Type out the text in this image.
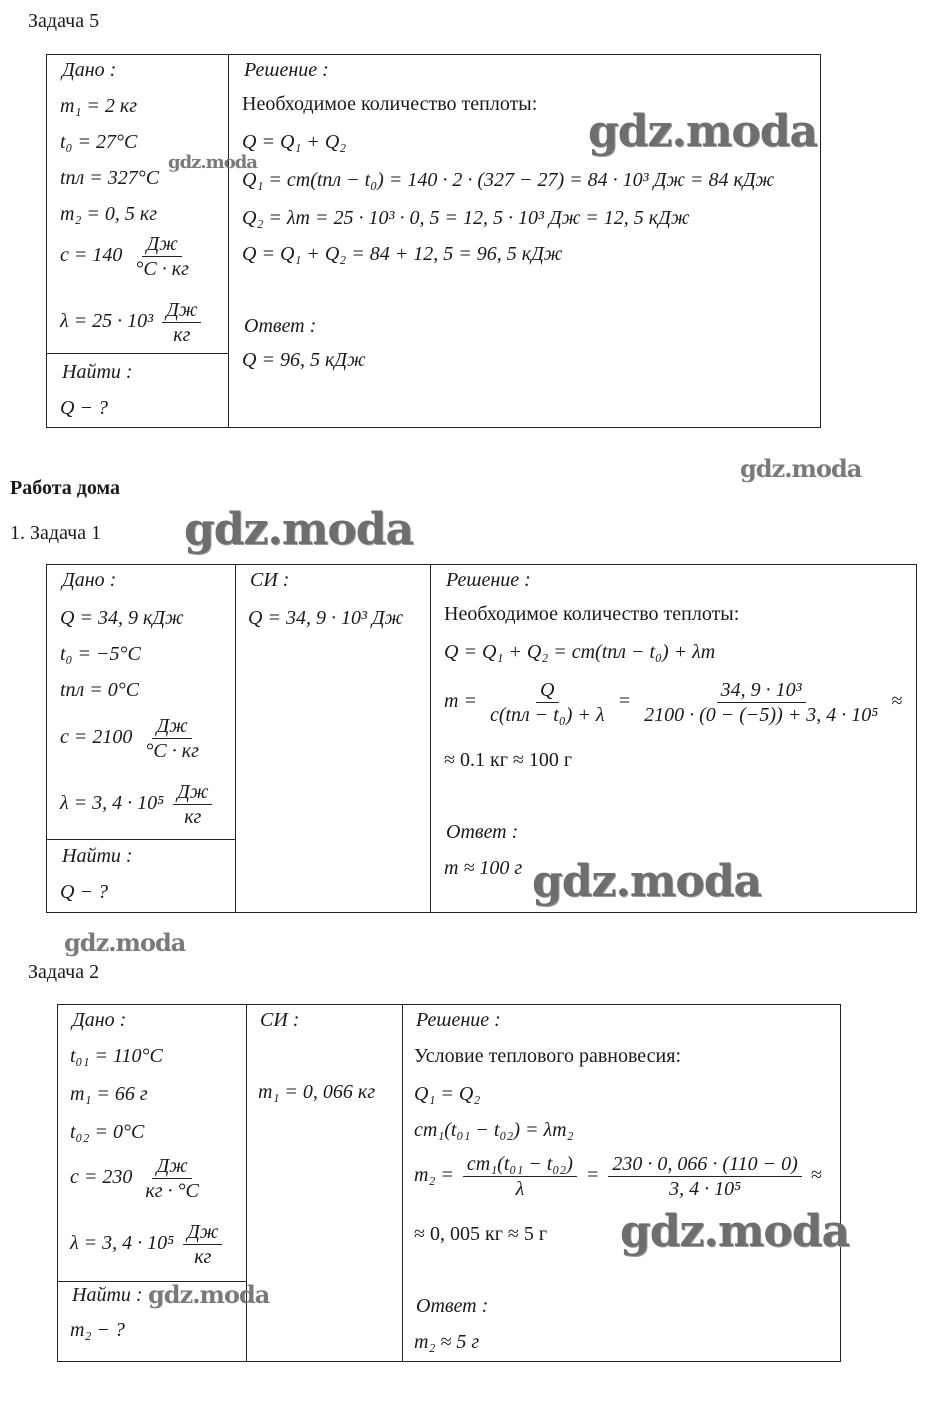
Задача 5
Дано :
m₁ = 2 кг
t₀ = 27°C
tпл = 327°C
m₂ = 0, 5 кг
$c = 140 \frac{Дж}{^\circ C \cdot кг}$
$\lambda = 25 \cdot 10^3 \frac{Дж}{кг}$
Найти :
Q − ?
Решение :
Необходимое количество теплоты:
Q = Q₁ + Q₂
Q₁ = cm(tпл − t₀) = 140 · 2 · (327 − 27) = 84 · 10³ Дж = 84 кДж
Q₂ = λm = 25 · 10³ · 0, 5 = 12, 5 · 10³ Дж = 12, 5 кДж
Q = Q₁ + Q₂ = 84 + 12, 5 = 96, 5 кДж
Ответ :
Q = 96, 5 кДж
Работа дома
1. Задача 1
Дано :
Q = 34, 9 кДж
t₀ = −5°C
tпл = 0°C
$c = 2100 \frac{Дж}{^\circ C \cdot кг}$
λ = 3, $4 \cdot 10^5 \frac{Дж}{кг}$
Найти :
Q − ?
СИ :
Q = 34, 9 · 10³ Дж
Решение :
Необходимое количество теплоты:
Q = Q₁ + Q₂ = cm(tпл − t₀) + λm
$m = \frac{Q}{\text{c(tпл − t₀) + λ}} = \frac{\text{34, 9 · 10³}}{\text{2100 · (0 − (−5)) + 3, 4 · 10⁵}}$ ≈
≈ 0.1 кг ≈ 100 г
Ответ :
m ≈ 100 г
Задача 2
Дано :
t₀₁ = 110°C
m₁ = 66 г
t₀₂ = 0°C
$c = 230 \frac{Дж}{кг \cdot ^\circ C}$
λ = 3, $4 \cdot 10^5 \frac{Дж}{кг}$
Найти :
m₂ − ?
СИ :
m₁ = 0, 066 кг
Решение :
Условие теплового равновесия:
Q₁ = Q₂
cm₁(t₀₁ − t₀₂) = λm₂
$m_2 = \frac{\text{cm₁(t₀₁ − t₀₂)}}{\lambda} = \frac{230 \cdot 0, 066 \cdot (110 - 0)}{\text{3, 4 · 10⁵}}$ ≈
≈ 0, 005 кг ≈ 5 г
Ответ :
m₂ ≈ 5 г
gdz.moda
gdz.moda
gdz.moda
gdz.moda
gdz.moda
gdz.moda
gdz.moda
gdz.moda
